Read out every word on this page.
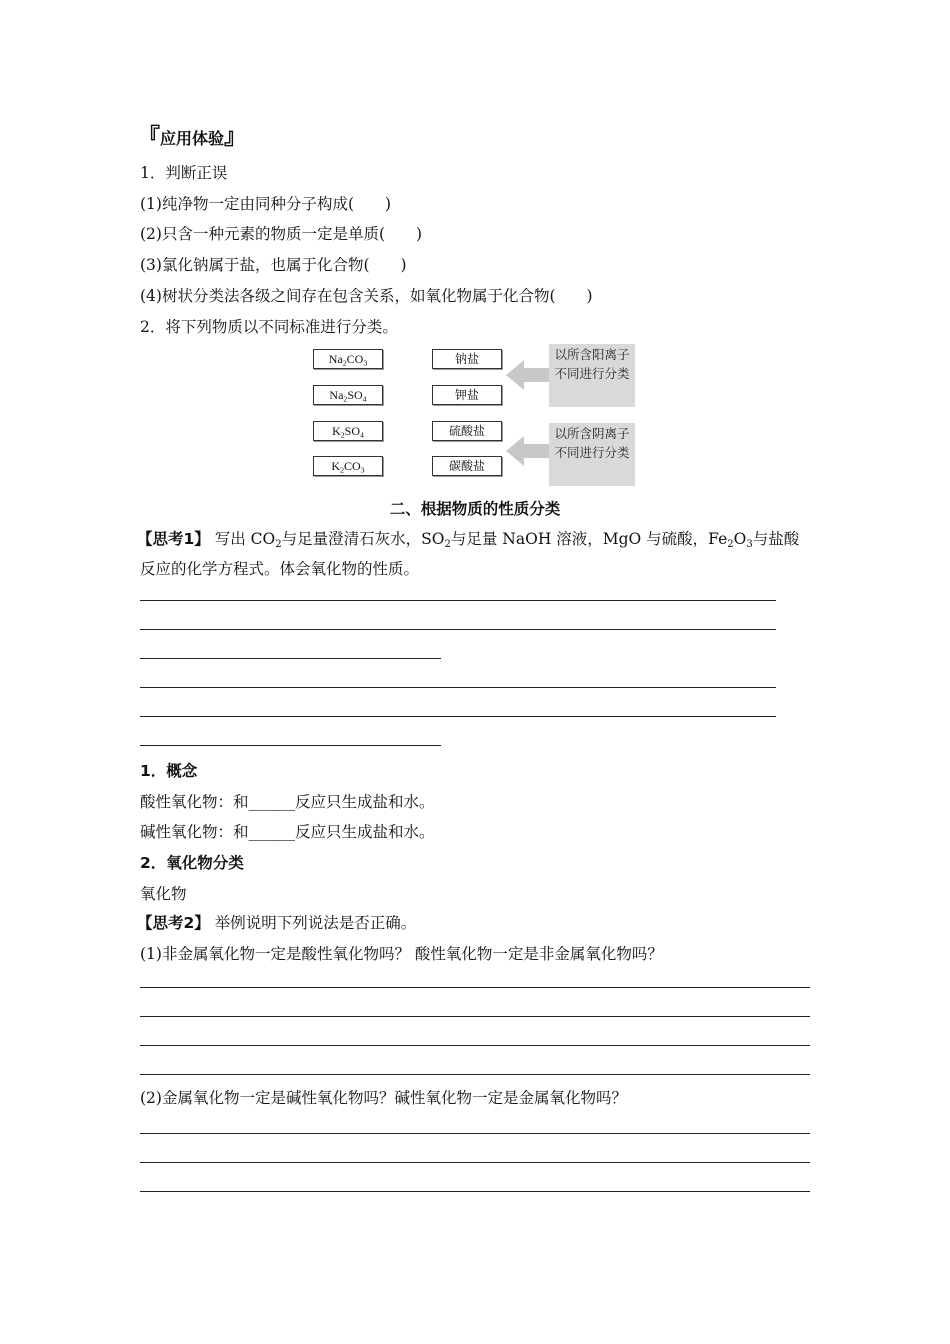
『应用体验』
1．判断正误
(1)纯净物一定由同种分子构成(　　)
(2)只含一种元素的物质一定是单质(　　)
(3)氯化钠属于盐，也属于化合物(　　)
(4)树状分类法各级之间存在包含关系，如氧化物属于化合物(　　)
2．将下列物质以不同标准进行分类。
$Na_2CO_3$
$Na_2SO_4$
$K_2SO_4$
$K_2CO_3$
钠盐
钾盐
硫酸盐
碳酸盐
以所含阳离子不同进行分类
以所含阴离子不同进行分类
二、根据物质的性质分类
【思考1】 写出 $CO_2$与足量澄清石灰水，$SO_2$与足量 NaOH 溶液，MgO 与硫酸，$Fe_2O_3$与盐酸
反应的化学方程式。体会氧化物的性质。
1．概念
酸性氧化物：和______反应只生成盐和水。
碱性氧化物：和______反应只生成盐和水。
2．氧化物分类
氧化物
【思考2】 举例说明下列说法是否正确。
(1)非金属氧化物一定是酸性氧化物吗？ 酸性氧化物一定是非金属氧化物吗？
(2)金属氧化物一定是碱性氧化物吗？碱性氧化物一定是金属氧化物吗？
